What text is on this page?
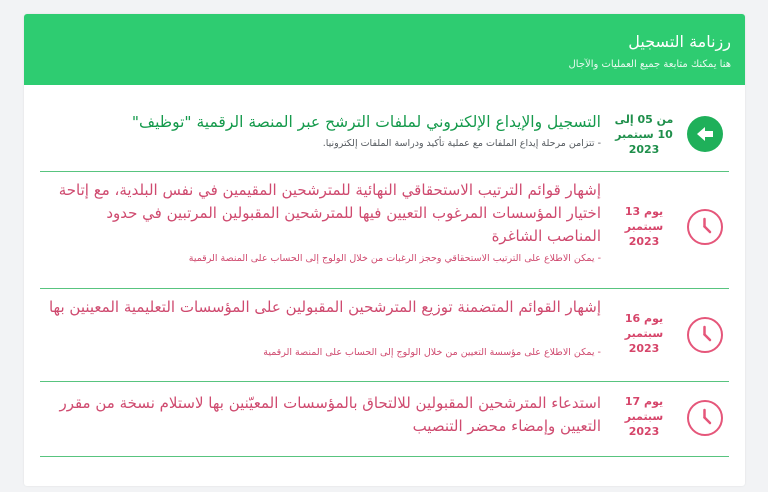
رزنامة التسجيل
هنا يمكنك متابعة جميع العمليات والآجال
من 05 إلى
10 سبتمبر
2023
التسجيل والإيداع الإلكتروني لملفات الترشح عبر المنصة الرقمية "توظيف"
- تتزامن مرحلة إيداع الملفات مع عملية تأكيد ودراسة الملفات إلكترونيا.
يوم 13
سبتمبر
2023
إشهار قوائم الترتيب الاستحقاقي النهائية للمترشحين المقيمين في نفس البلدية، مع إتاحة اختيار المؤسسات المرغوب التعيين فيها للمترشحين المقبولين المرتبين في حدود المناصب الشاغرة
- يمكن الاطلاع على الترتيب الاستحقاقي وحجز الرغبات من خلال الولوج إلى الحساب على المنصة الرقمية
يوم 16
سبتمبر
2023
إشهار القوائم المتضمنة توزيع المترشحين المقبولين على المؤسسات التعليمية المعينين بها
- يمكن الاطلاع على مؤسسة التعيين من خلال الولوج إلى الحساب على المنصة الرقمية
يوم 17
سبتمبر
2023
استدعاء المترشحين المقبولين للالتحاق بالمؤسسات المعيّنين بها لاستلام نسخة من مقرر التعيين وإمضاء محضر التنصيب
